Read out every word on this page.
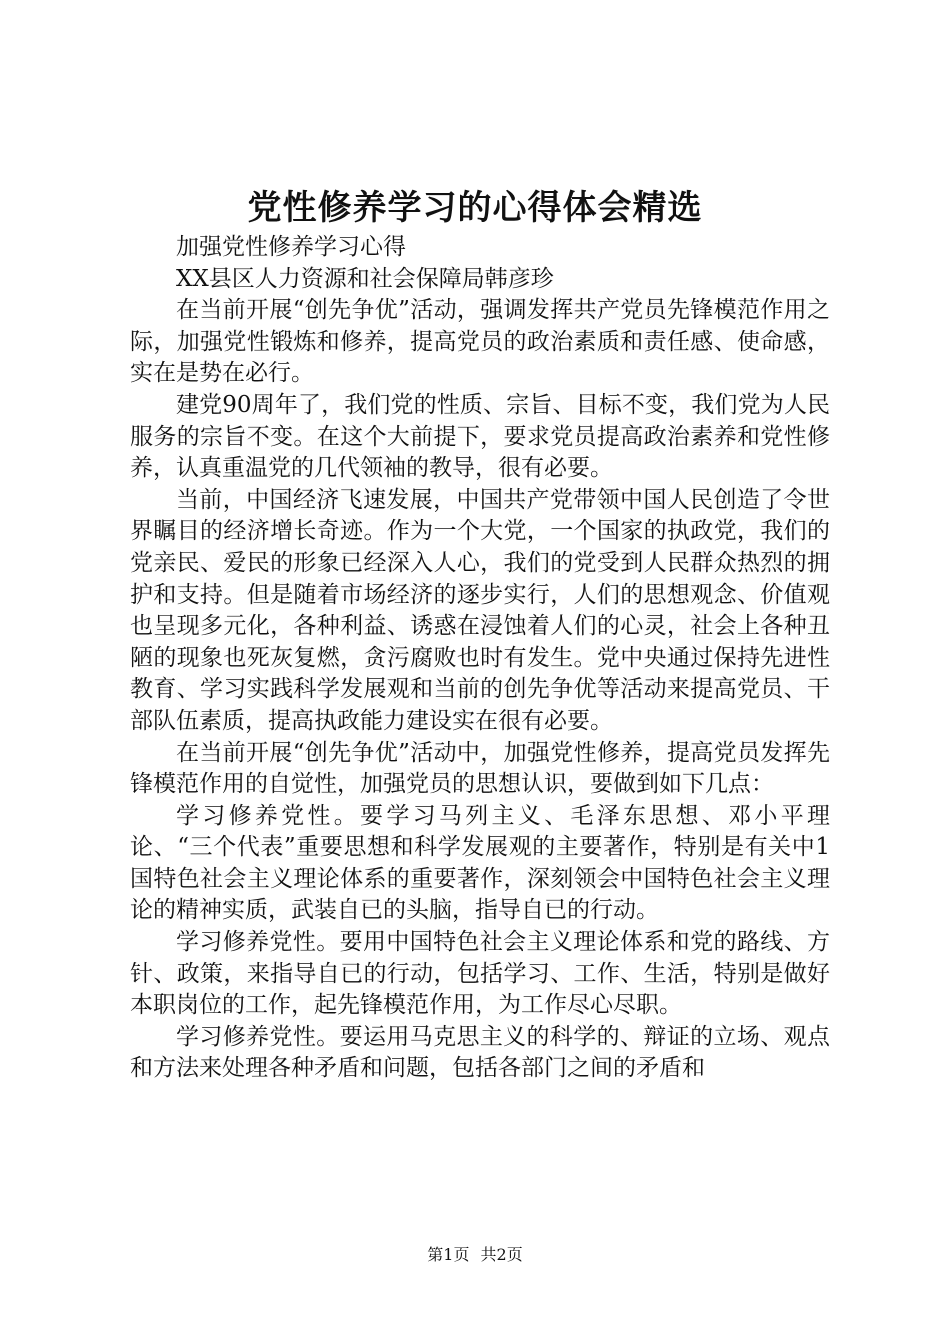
党性修养学习的心得体会精选

加强党性修养学习心得

XX县区人力资源和社会保障局韩彦珍

在当前开展“创先争优”活动，强调发挥共产党员先锋模范作用之际，加强党性锻炼和修养，提高党员的政治素质和责任感、使命感，实在是势在必行。

建党90周年了，我们党的性质、宗旨、目标不变，我们党为人民服务的宗旨不变。在这个大前提下，要求党员提高政治素养和党性修养，认真重温党的几代领袖的教导，很有必要。

当前，中国经济飞速发展，中国共产党带领中国人民创造了令世界瞩目的经济增长奇迹。作为一个大党，一个国家的执政党，我们的党亲民、爱民的形象已经深入人心，我们的党受到人民群众热烈的拥护和支持。但是随着市场经济的逐步实行，人们的思想观念、价值观也呈现多元化，各种利益、诱惑在浸蚀着人们的心灵，社会上各种丑陋的现象也死灰复燃，贪污腐败也时有发生。党中央通过保持先进性教育、学习实践科学发展观和当前的创先争优等活动来提高党员、干部队伍素质，提高执政能力建设实在很有必要。

在当前开展“创先争优”活动中，加强党性修养，提高党员发挥先锋模范作用的自觉性，加强党员的思想认识，要做到如下几点：

学习修养党性。要学习马列主义、毛泽东思想、邓小平理论、“三个代表”重要思想和科学发展观的主要著作，特别是有关中1国特色社会主义理论体系的重要著作，深刻领会中国特色社会主义理论的精神实质，武装自已的头脑，指导自已的行动。

学习修养党性。要用中国特色社会主义理论体系和党的路线、方针、政策，来指导自已的行动，包括学习、工作、生活，特别是做好本职岗位的工作，起先锋模范作用，为工作尽心尽职。

学习修养党性。要运用马克思主义的科学的、辩证的立场、观点和方法来处理各种矛盾和问题，包括各部门之间的矛盾和

第1页 共2页
